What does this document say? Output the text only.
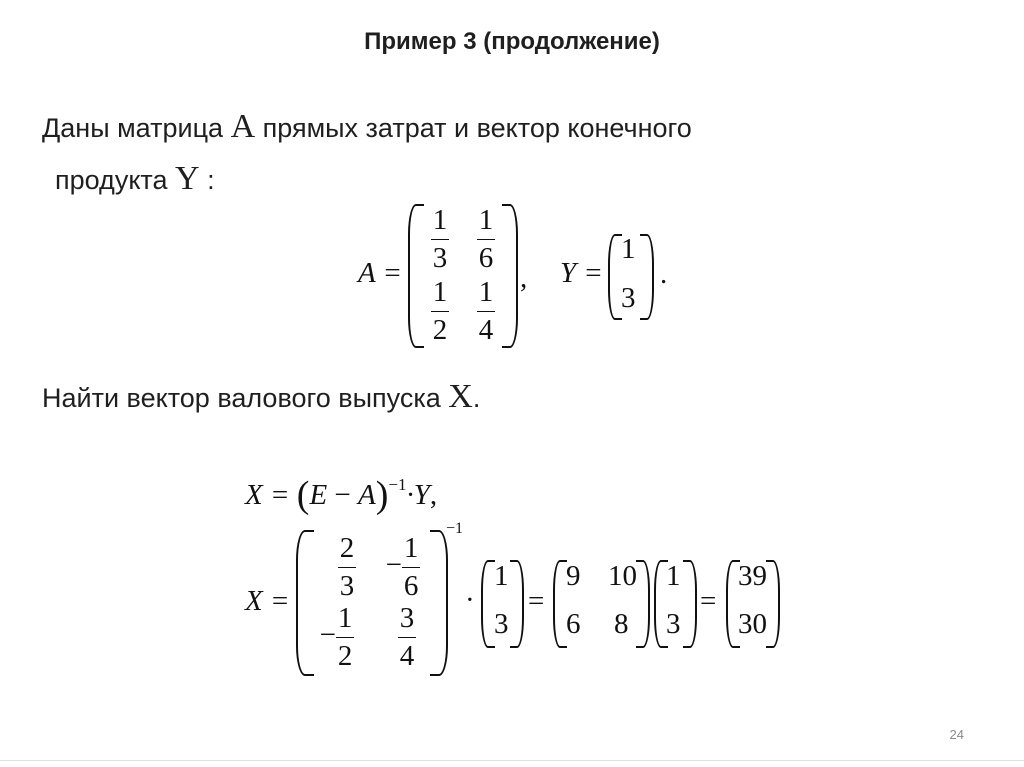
Пример 3 (продолжение)
Даны матрица A прямых затрат и вектор конечного
продукта Y :
$A = \frac{1}{3} \frac{1}{6}$
$\frac{1}{2} \frac{1}{4}$ , Y =
1
3
.
Найти вектор валового выпуска X.
$X = (E - A)^{-1}\cdot Y$,
$X = \frac{2}{3}$	− $\frac{1}{6}$
− $\frac{1}{2} \frac{3}{4}$
−1
·
1
3
=
9 10
6 8
1
3
=
39
30
24
